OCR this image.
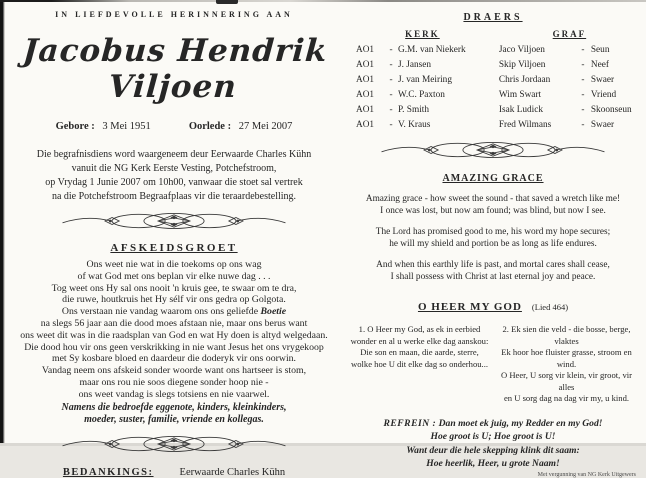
IN LIEFDEVOLLE HERINNERING AAN
Jacobus Hendrik Viljoen
Gebore : 3 Mei 1951	Oorlede : 27 Mei 2007
Die begrafnisdiens word waargeneem deur Eerwaarde Charles Kühn
vanuit die NG Kerk Eerste Vesting, Potchefstroom,
op Vrydag 1 Junie 2007 om 10h00, vanwaar die stoet sal vertrek
na die Potchefstroom Begraafplaas vir die teraardebestelling.
AFSKEIDSGROET
Ons weet nie wat in die toekoms op ons wag
of wat God met ons beplan vir elke nuwe dag . . .
Tog weet ons Hy sal ons nooit 'n kruis gee, te swaar om te dra,
die ruwe, houtkruis het Hy sélf vir ons gedra op Golgota.
Ons verstaan nie vandag waarom ons ons geliefde Boetie
na slegs 56 jaar aan die dood moes afstaan nie, maar ons berus want
ons weet dit was in die raadsplan van God en wat Hy doen is altyd welgedaan.
Die dood hou vir ons geen verskrikking in nie want Jesus het ons vrygekoop
met Sy kosbare bloed en daardeur die doderyk vir ons oorwin.
Vandag neem ons afskeid sonder woorde want ons hartseer is stom,
maar ons rou nie soos diegene sonder hoop nie -
ons weet vandag is slegs totsiens en nie vaarwel.
Namens die bedroefde eggenote, kinders, kleinkinders,
moeder, suster, familie, vriende en kollegas.
BEDANKINGS: Eerwaarde Charles Kühn
DRAERS
KERK
AO1	- G.M. van Niekerk
AO1	- J. Jansen
AO1	- J. van Meiring
AO1	- W.C. Paxton
AO1	- P. Smith
AO1	- V. Kraus
GRAF
Jaco Viljoen	- Seun
Skip Viljoen	- Neef
Chris Jordaan	- Swaer
Wim Swart	- Vriend
Isak Ludick	- Skoonseun
Fred Wilmans	- Swaer
AMAZING GRACE
Amazing grace - how sweet the sound - that saved a wretch like me!
I once was lost, but now am found; was blind, but now I see.
The Lord has promised good to me, his word my hope secures;
he will my shield and portion be as long as life endures.
And when this earthly life is past, and mortal cares shall cease,
I shall possess with Christ at last eternal joy and peace.
O HEER MY GOD (Lied 464)
1. O Heer my God, as ek in eerbied
wonder en al u werke elke dag aanskou:
Die son en maan, die aarde, sterre,
wolke hoe U dit elke dag so onderhou...
2. Ek sien die veld - die bosse, berge, vlaktes
Ek hoor hoe fluister grasse, stroom en wind.
O Heer, U sorg vir klein, vir groot, vir alles
en U sorg dag na dag vir my, u kind.
REFREIN : Dan moet ek juig, my Redder en my God!
Hoe groot is U; Hoe groot is U!
Want deur die hele skepping klink dit saam:
Hoe heerlik, Heer, u grote Naam!
Met vergunning van NG Kerk Uitgewers
